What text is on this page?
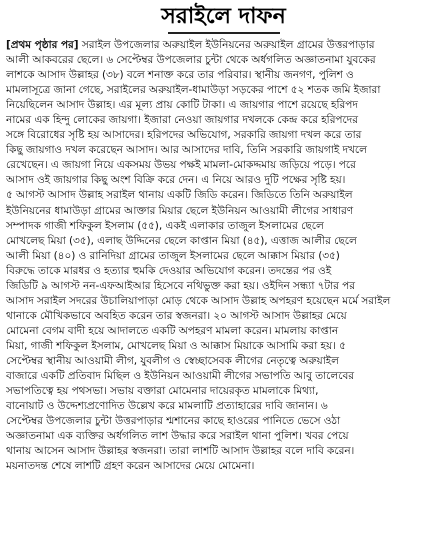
সরাইলে দাফন
[প্রথম পৃষ্ঠার পর] সরাইল উপজেলার অরুয়াইল ইউনিয়নের অরুয়াইল গ্রামের উত্তরপাড়ার
আলী আকবরের ছেলে। ৬ সেপ্টেম্বর উপজেলার চুন্টা থেকে অর্ধগলিত অজ্ঞাতনামা যুবকের
লাশকে আসাদ উল্লাহর (৩৮) বলে শনাক্ত করে তার পরিবার। স্থানীয় জনগণ, পুলিশ ও
মামলাসূত্রে জানা গেছে, সরাইলের অরুয়াইল-ধামাউড়া সড়কের পাশে ৫২ শতক জমি ইজারা
নিয়েছিলেন আসাদ উল্লাহ। এর মূল্য প্রায় কোটি টাকা। এ জায়গার পাশে রয়েছে হরিপদ
নামের এক হিন্দু লোকের জায়গা। ইজারা নেওয়া জায়গার দখলকে কেন্দ্র করে হরিপদের
সঙ্গে বিরোধের সৃষ্টি হয় আসাদের। হরিপদের অভিযোগ, সরকারি জায়গা দখল করে তার
কিছু জায়গাও দখল করেছেন আসাদ। আর আসাদের দাবি, তিনি সরকারি জায়গাই দখলে
রেখেছেন। এ জায়গা নিয়ে একসময় উভয় পক্ষই মামলা-মোকদ্দমায় জড়িয়ে পড়ে। পরে
আসাদ ওই জায়গার কিছু অংশ বিক্রি করে দেন। এ নিয়ে আরও দুটি পক্ষের সৃষ্টি হয়।
৫ আগস্ট আসাদ উল্লাহ সরাইল থানায় একটি জিডি করেন। জিডিতে তিনি অরুয়াইল
ইউনিয়নের ধামাউড়া গ্রামের আক্তার মিয়ার ছেলে ইউনিয়ন আওয়ামী লীগের সাধারণ
সম্পাদক গাজী শফিকুল ইসলাম (৫৫), একই এলাকার তাজুল ইসলামের ছেলে
মোখলেছ মিয়া (৩৫), এলাছ উদ্দিনের ছেলে কাপ্তান মিয়া (৪৫), এত্তাজ আলীর ছেলে
আলী মিয়া (৪০) ও রানিদিয়া গ্রামের তাজুল ইসলামের ছেলে আক্কাস মিয়ার (৩৫)
বিরুদ্ধে তাকে মারধর ও হত্যার হুমকি দেওয়ার অভিযোগ করেন। তদন্তের পর ওই
জিডিটি ৯ আগস্ট নন-এফআইআর হিসেবে নথিভুক্ত করা হয়। ওইদিন সন্ধ্যা ৭টার পর
আসাদ সরাইল সদরের উচালিয়াপাড়া মোড় থেকে আসাদ উল্লাহ অপহরণ হয়েছেন মর্মে সরাইল
থানাকে মৌখিকভাবে অবহিত করেন তার স্বজনরা। ২০ আগস্ট আসাদ উল্লাহর মেয়ে
মোমেনা বেগম বাদী হয়ে আদালতে একটি অপহরণ মামলা করেন। মামলায় কাপ্তান
মিয়া, গাজী শফিকুল ইসলাম, মোখলেছ মিয়া ও আক্কাস মিয়াকে আসামি করা হয়। ৫
সেপ্টেম্বর স্থানীয় আওয়ামী লীগ, যুবলীগ ও স্বেচ্ছাসেবক লীগের নেতৃত্বে অরুয়াইল
বাজারে একটি প্রতিবাদ মিছিল ও ইউনিয়ন আওয়ামী লীগের সভাপতি আবু তালেবের
সভাপতিত্বে হয় পথসভা। সভায় বক্তারা মোমেনার দায়েরকৃত মামলাকে মিথ্যা,
বানোয়াট ও উদ্দেশ্যপ্রণোদিত উল্লেখ করে মামলাটি প্রত্যাহারের দাবি জানান। ৬
সেপ্টেম্বর উপজেলার চুন্টা উত্তরপাড়ার শ্মশানের কাছে হাওরের পানিতে ভেসে ওঠা
অজ্ঞাতনামা এক ব্যক্তির অর্ধগলিত লাশ উদ্ধার করে সরাইল থানা পুলিশ। খবর পেয়ে
থানায় আসেন আসাদ উল্লাহর স্বজনরা। তারা লাশটি আসাদ উল্লাহর বলে দাবি করেন।
ময়নাতদন্ত শেষে লাশটি গ্রহণ করেন আসাদের মেয়ে মোমেনা।
